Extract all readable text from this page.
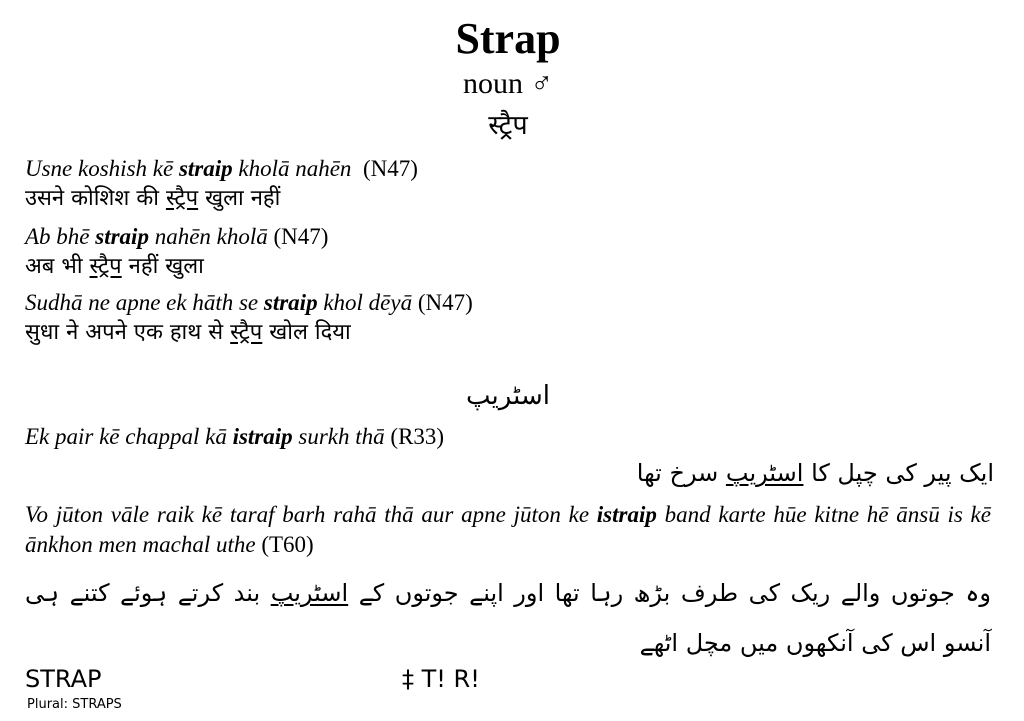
Strap
noun ♂
स्ट्रैप
Usne koshish kē straip kholā nahēn (N47)
उसने कोशिश की स्ट्रैप खुला नहीं
Ab bhē straip nahēn kholā (N47)
अब भी स्ट्रैप नहीं खुला
Sudhā ne apne ek hāth se straip khol dēyā (N47)
सुधा ने अपने एक हाथ से स्ट्रैप खोल दिया
اسٹریپ
Ek pair kē chappal kā istraip surkh thā (R33)
ایک پیر کی چپل کا اسٹریپ سرخ تھا
Vo jūton vāle raik kē taraf barh rahā thā aur apne jūton ke istraip band karte hūe kitne hē ānsū is kē ānkhon men machal uthe (T60)
وہ جوتوں والے ریک کی طرف بڑھ رہا تھا اور اپنے جوتوں کے اسٹریپ بند کرتے ہوئے کتنے ہی آنسو اس کی آنکھوں میں مچل اٹھے
STRAP	‡ T! R!
Plural: STRAPS
